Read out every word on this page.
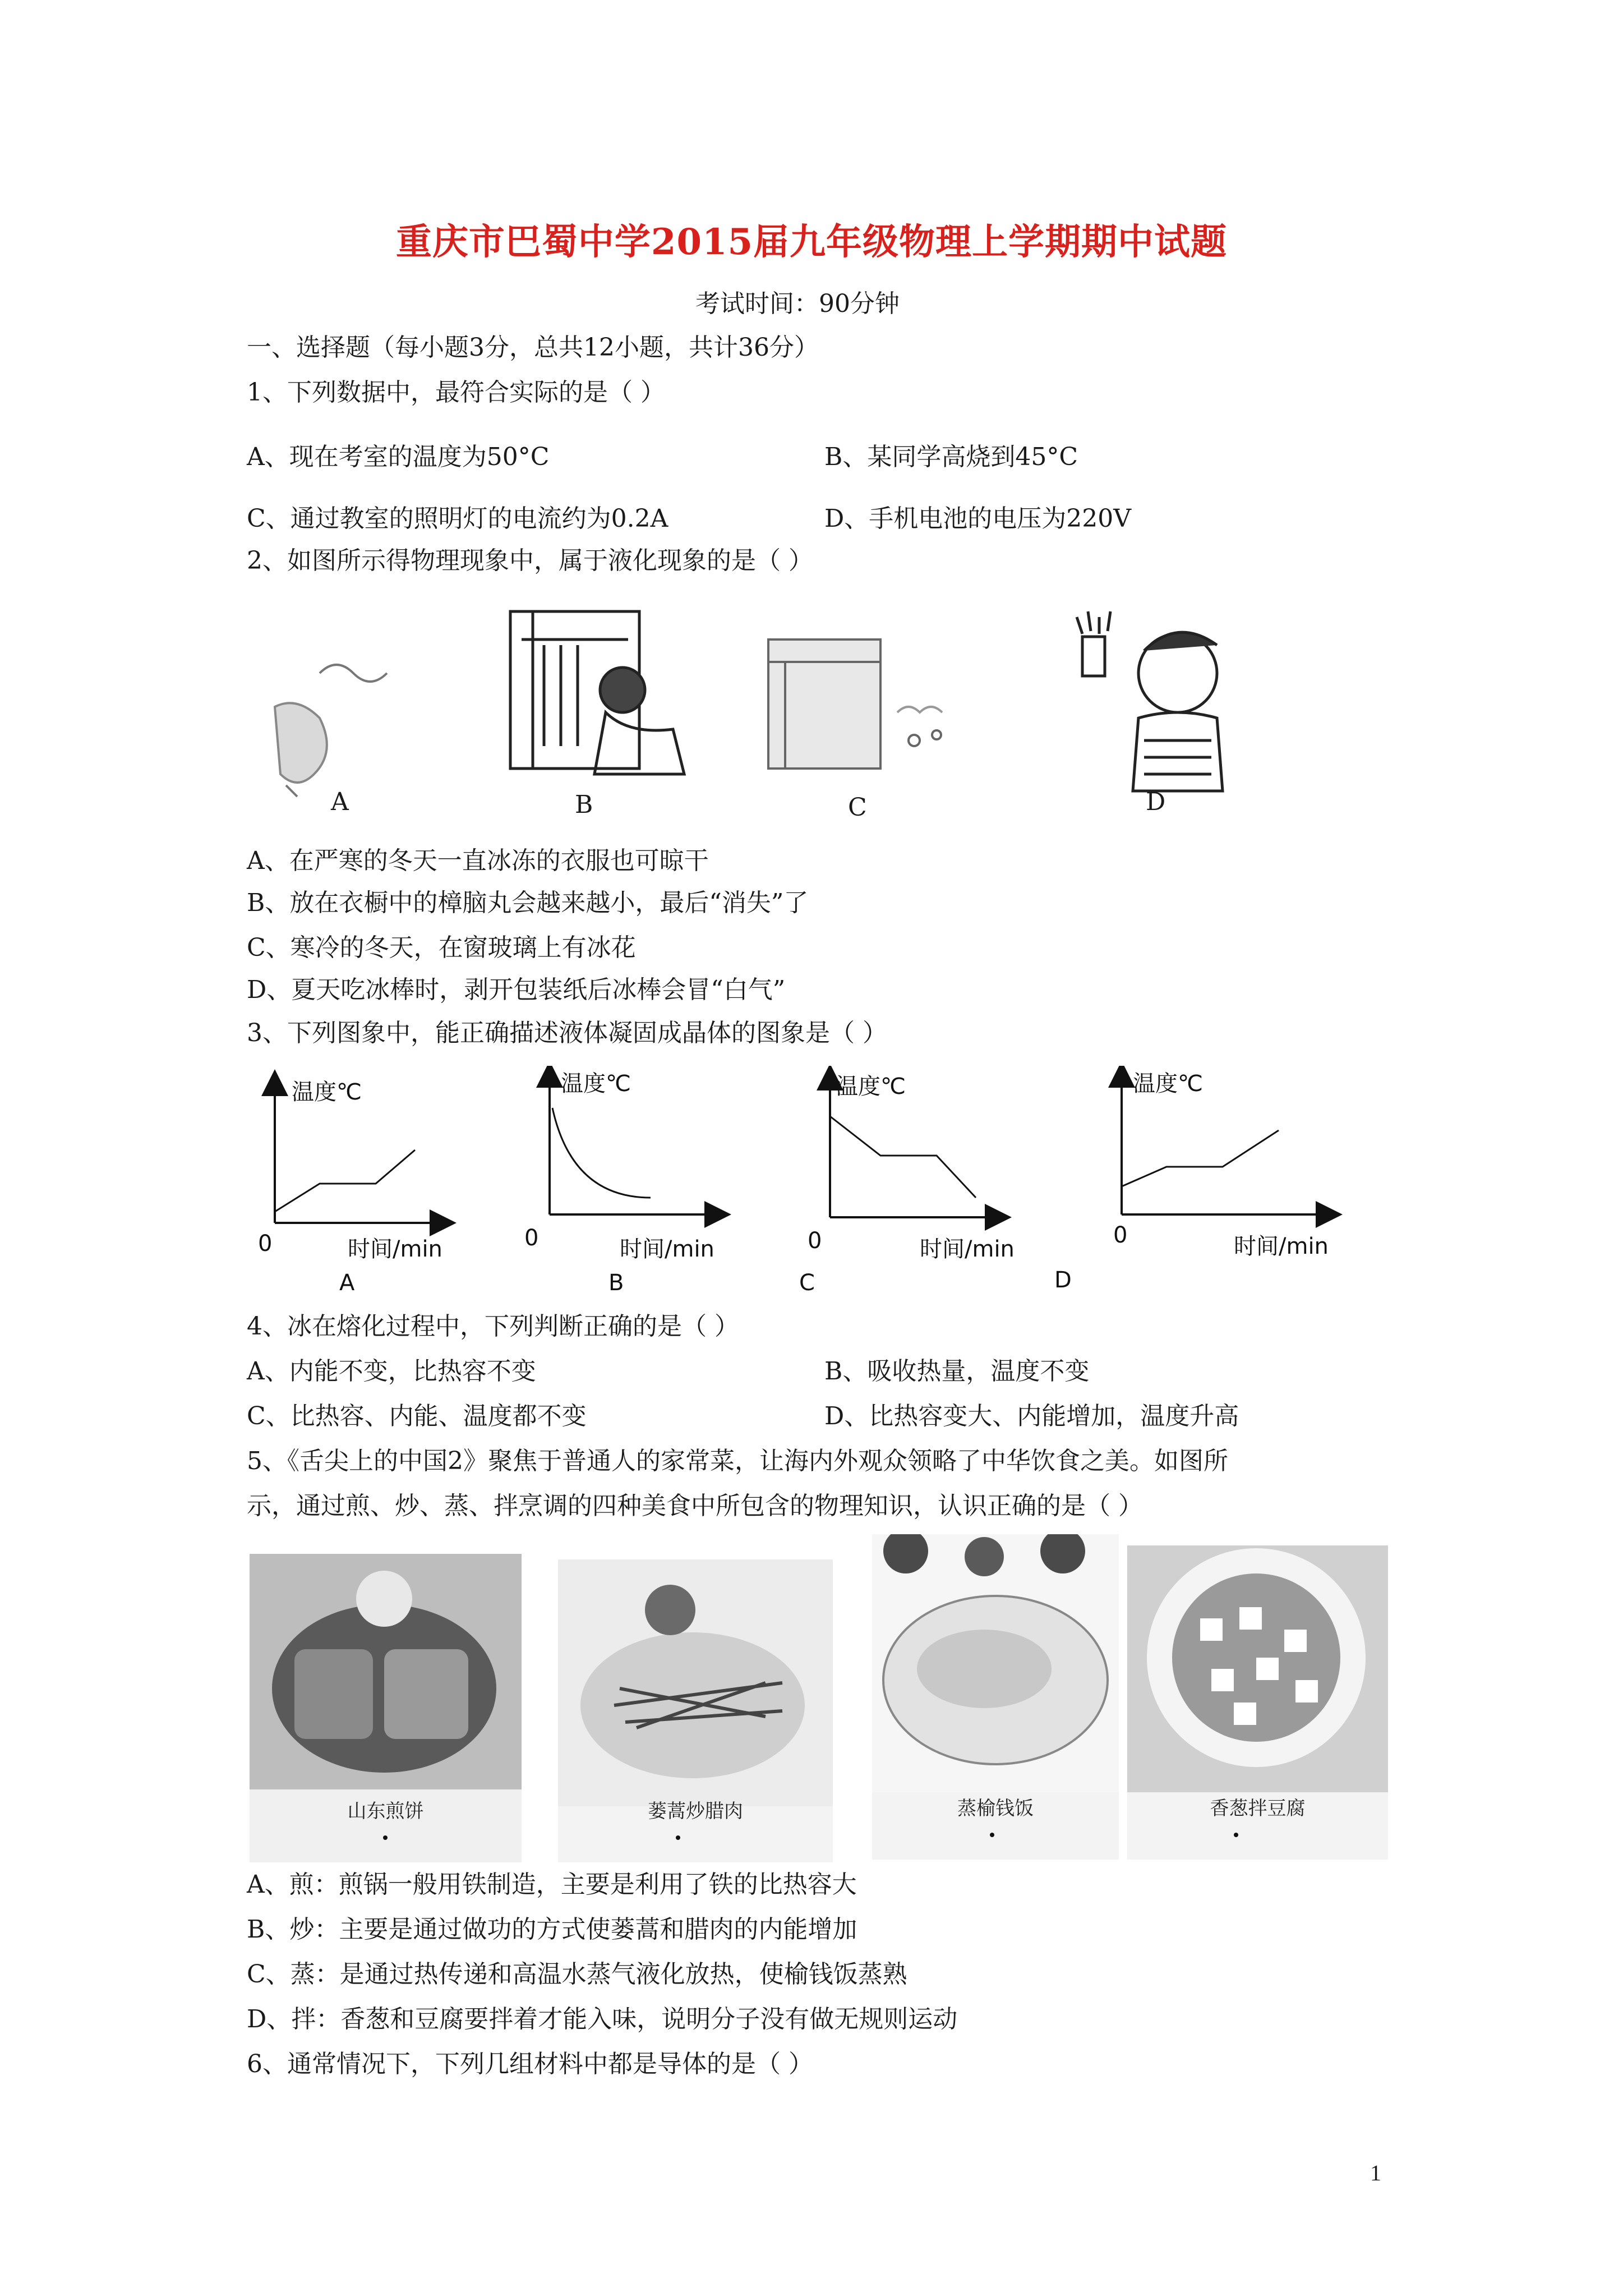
重庆市巴蜀中学2015届九年级物理上学期期中试题
考试时间：90分钟
一、选择题（每小题3分，总共12小题，共计36分）
1、下列数据中，最符合实际的是（ ）
A、现在考室的温度为50°C	B、某同学高烧到45°C
C、通过教室的照明灯的电流约为0.2A	D、手机电池的电压为220V
2、如图所示得物理现象中，属于液化现象的是（ ）
A	B	C	D
A、在严寒的冬天一直冰冻的衣服也可晾干
B、放在衣橱中的樟脑丸会越来越小，最后“消失”了
C、寒冷的冬天，在窗玻璃上有冰花
D、夏天吃冰棒时，剥开包装纸后冰棒会冒“白气”
3、下列图象中，能正确描述液体凝固成晶体的图象是（ ）
温度℃
时间/min
0
A
温度℃
时间/min
0
B
温度℃
时间/min
0
C
温度℃
时间/min
0
D
4、冰在熔化过程中，下列判断正确的是（ ）
A、内能不变，比热容不变	B、吸收热量，温度不变
C、比热容、内能、温度都不变	D、比热容变大、内能增加，温度升高
5、《舌尖上的中国2》聚焦于普通人的家常菜，让海内外观众领略了中华饮食之美。如图所
示，通过煎、炒、蒸、拌烹调的四种美食中所包含的物理知识，认识正确的是（ ）
山东煎饼	蒌蒿炒腊肉	蒸榆钱饭	香葱拌豆腐
A、煎：煎锅一般用铁制造，主要是利用了铁的比热容大
B、炒：主要是通过做功的方式使蒌蒿和腊肉的内能增加
C、蒸：是通过热传递和高温水蒸气液化放热，使榆钱饭蒸熟
D、拌：香葱和豆腐要拌着才能入味，说明分子没有做无规则运动
6、通常情况下，下列几组材料中都是导体的是（ ）
1
